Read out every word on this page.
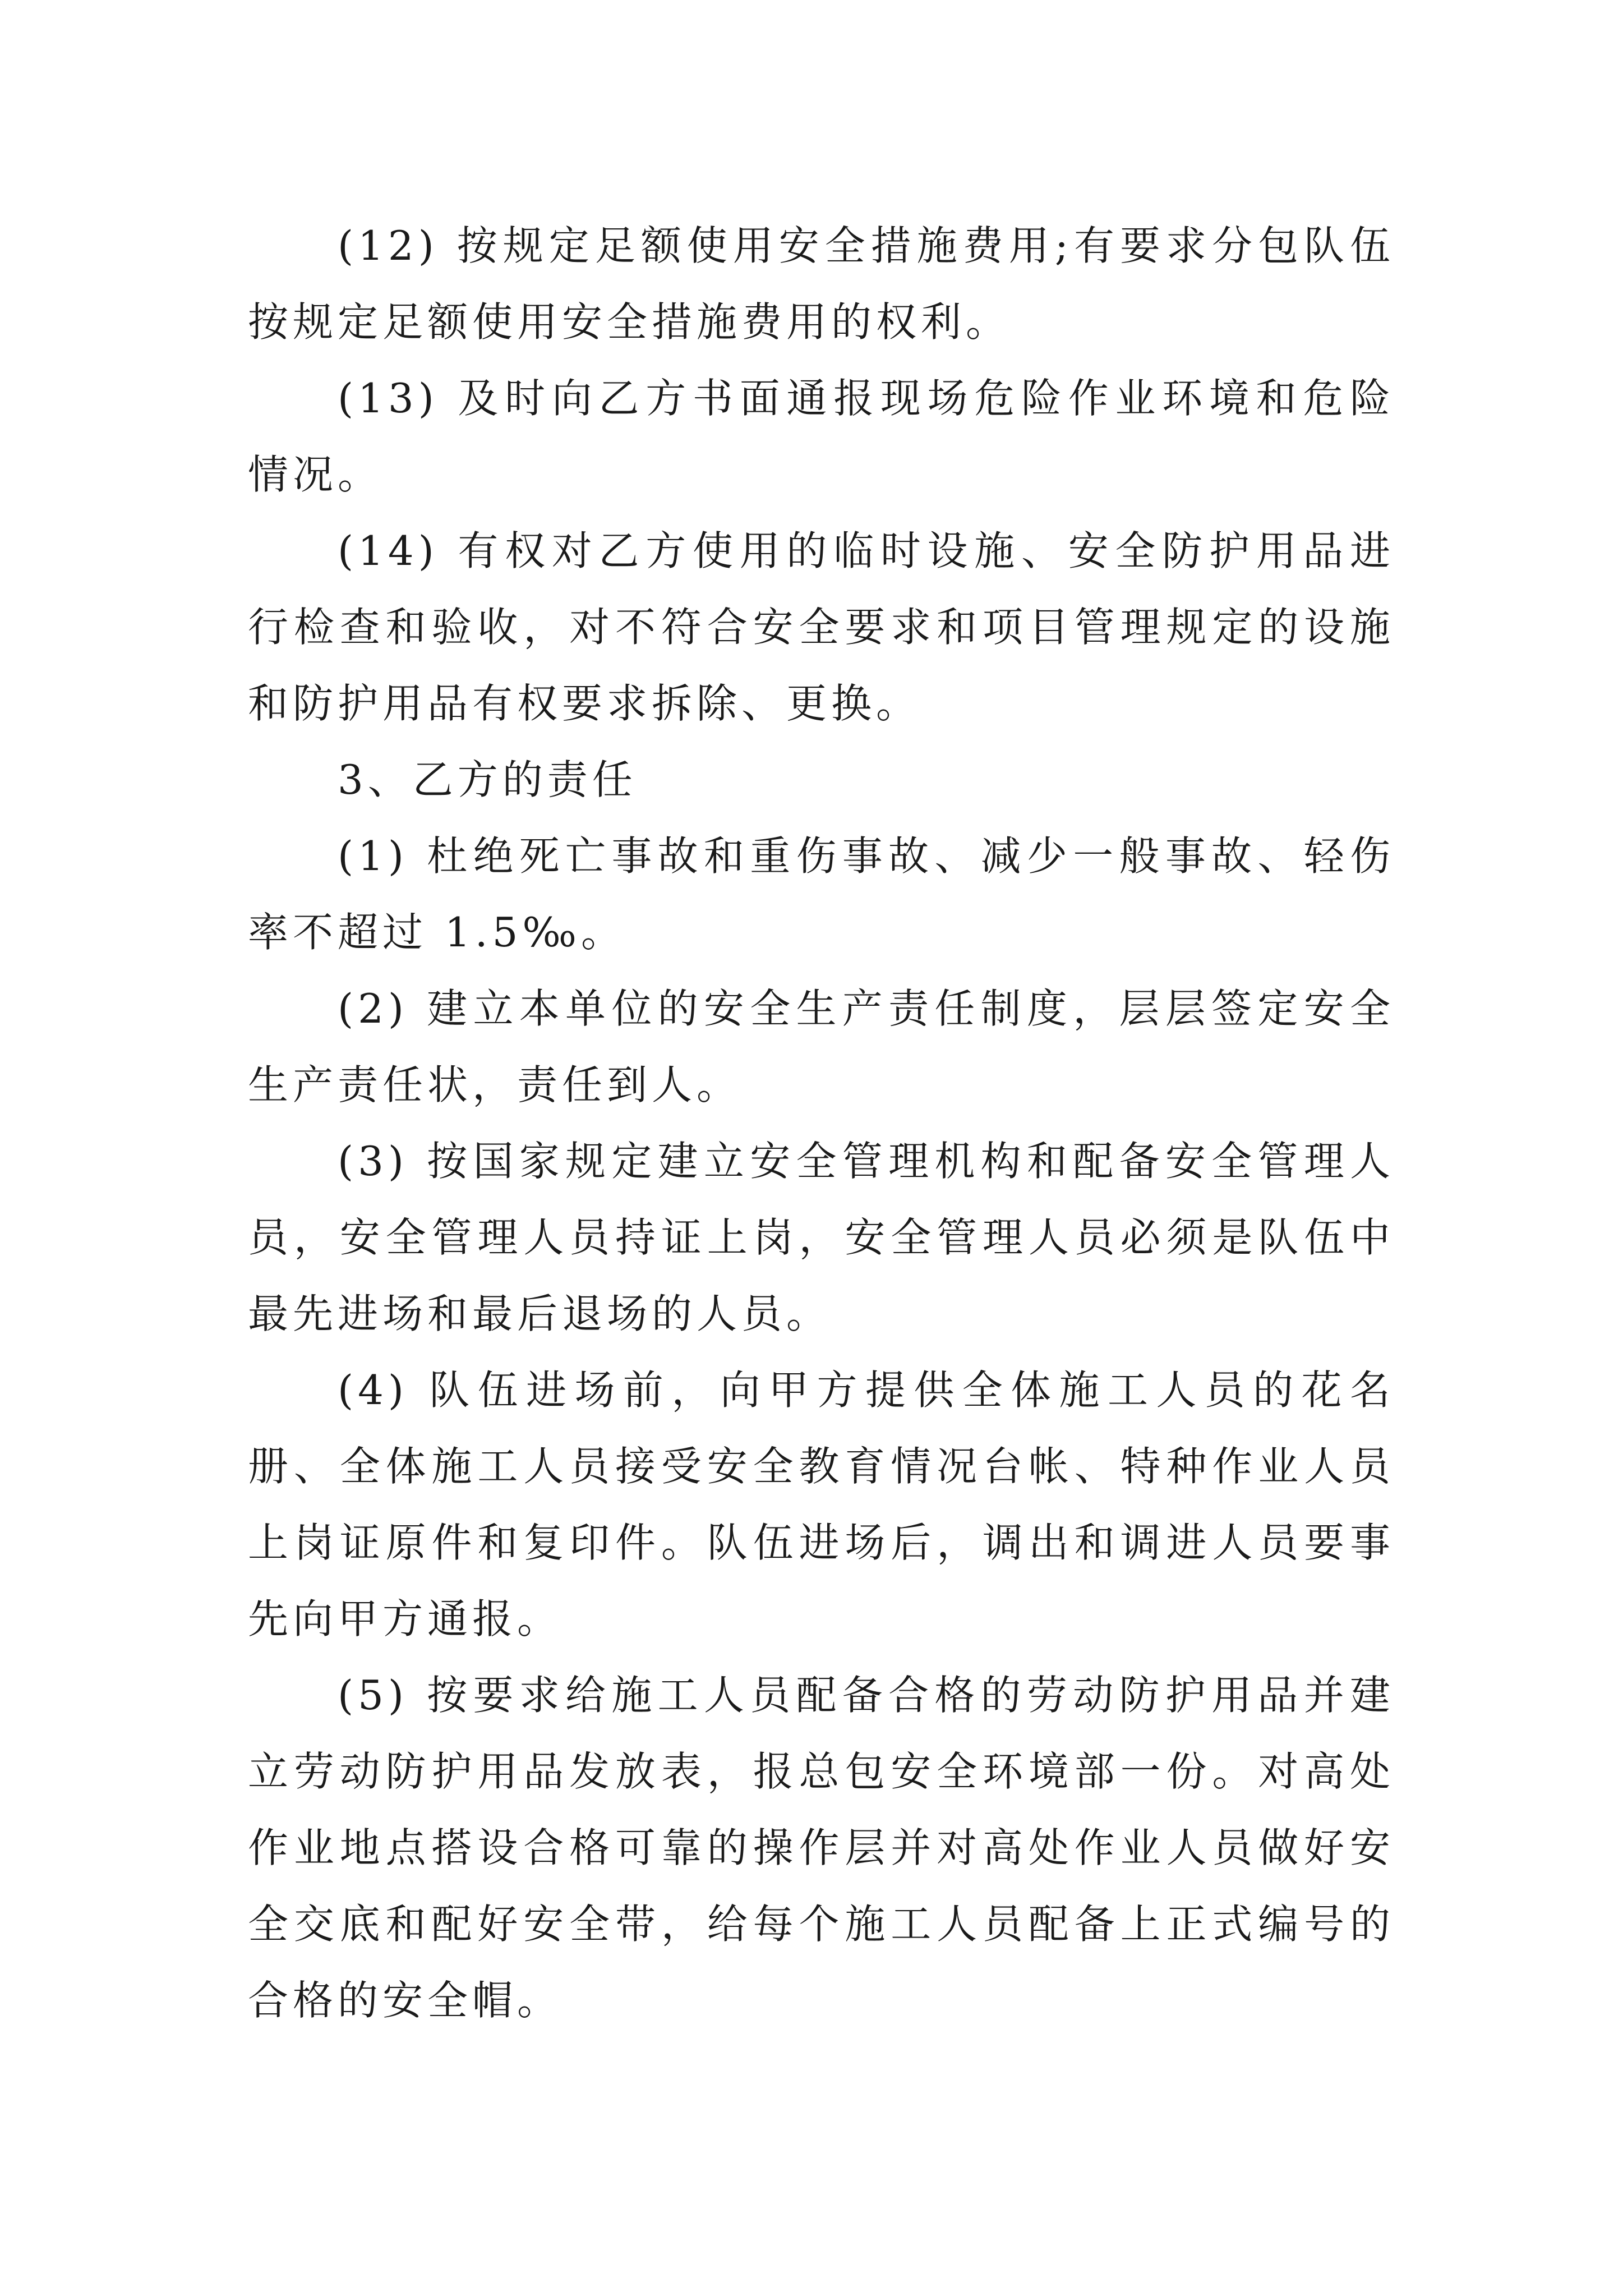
(12) 按规定足额使用安全措施费用;有要求分包队伍按规定足额使用安全措施费用的权利。

(13) 及时向乙方书面通报现场危险作业环境和危险情况。

(14) 有权对乙方使用的临时设施、安全防护用品进行检查和验收，对不符合安全要求和项目管理规定的设施和防护用品有权要求拆除、更换。

3、乙方的责任

(1) 杜绝死亡事故和重伤事故、减少一般事故、轻伤率不超过 1.5‰。

(2) 建立本单位的安全生产责任制度，层层签定安全生产责任状，责任到人。

(3) 按国家规定建立安全管理机构和配备安全管理人员，安全管理人员持证上岗，安全管理人员必须是队伍中最先进场和最后退场的人员。

(4) 队伍进场前，向甲方提供全体施工人员的花名册、全体施工人员接受安全教育情况台帐、特种作业人员上岗证原件和复印件。队伍进场后，调出和调进人员要事先向甲方通报。

(5) 按要求给施工人员配备合格的劳动防护用品并建立劳动防护用品发放表，报总包安全环境部一份。对高处作业地点搭设合格可靠的操作层并对高处作业人员做好安全交底和配好安全带，给每个施工人员配备上正式编号的合格的安全帽。
